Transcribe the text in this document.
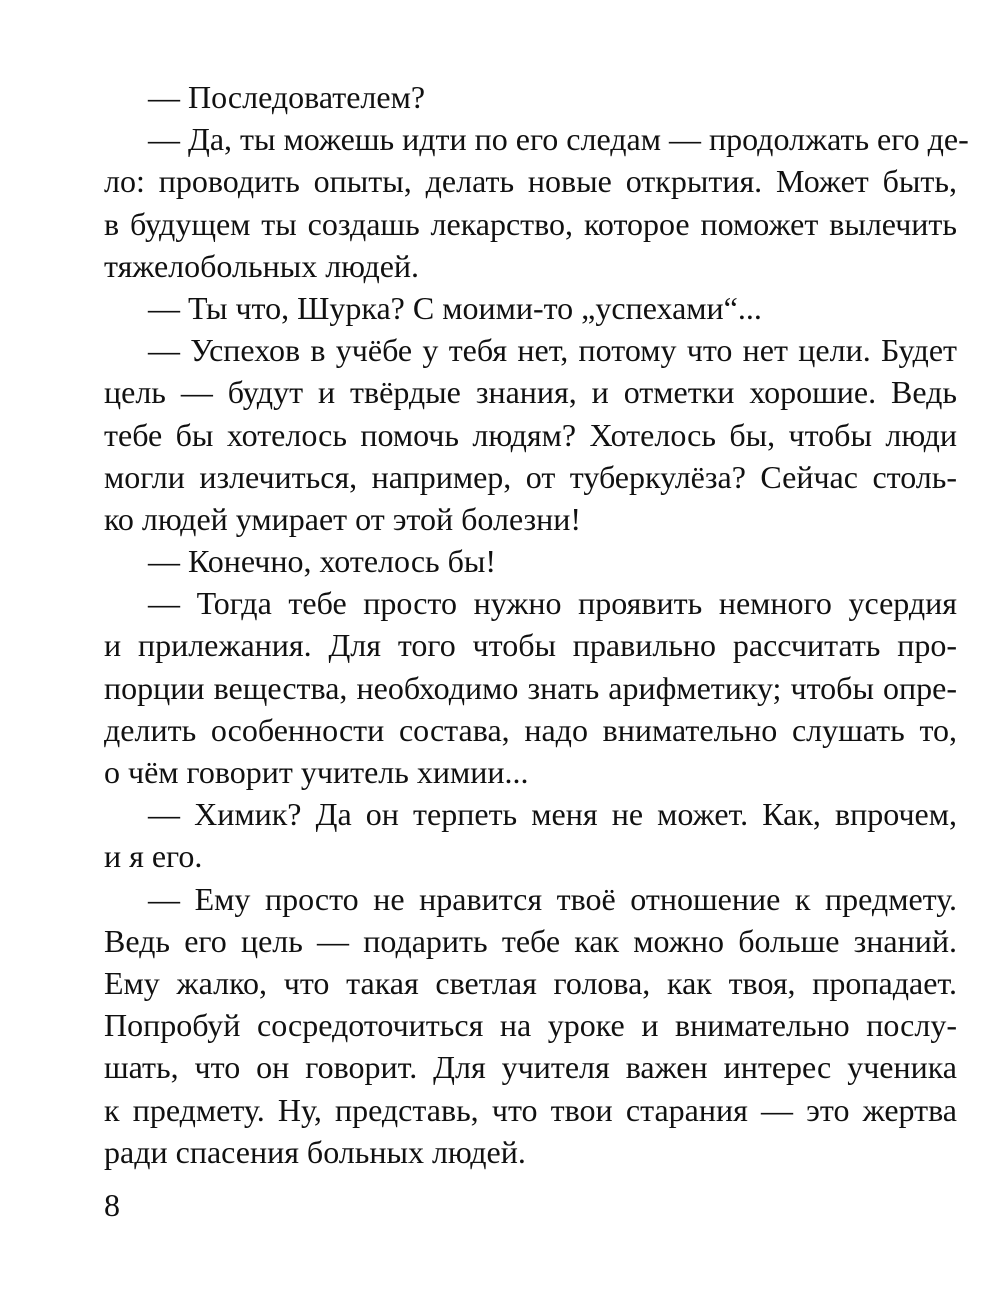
— Последователем?
— Да, ты можешь идти по его следам — продолжать его де-
ло: проводить опыты, делать новые открытия. Может быть,
в будущем ты создашь лекарство, которое поможет вылечить
тяжелобольных людей.
— Ты что, Шурка? С моими-то „успехами“...
— Успехов в учёбе у тебя нет, потому что нет цели. Будет
цель — будут и твёрдые знания, и отметки хорошие. Ведь
тебе бы хотелось помочь людям? Хотелось бы, чтобы люди
могли излечиться, например, от туберкулёза? Сейчас столь-
ко людей умирает от этой болезни!
— Конечно, хотелось бы!
— Тогда тебе просто нужно проявить немного усердия
и прилежания. Для того чтобы правильно рассчитать про-
порции вещества, необходимо знать арифметику; чтобы опре-
делить особенности состава, надо внимательно слушать то,
о чём говорит учитель химии...
— Химик? Да он терпеть меня не может. Как, впрочем,
и я его.
— Ему просто не нравится твоё отношение к предмету.
Ведь его цель — подарить тебе как можно больше знаний.
Ему жалко, что такая светлая голова, как твоя, пропадает.
Попробуй сосредоточиться на уроке и внимательно послу-
шать, что он говорит. Для учителя важен интерес ученика
к предмету. Ну, представь, что твои старания — это жертва
ради спасения больных людей.
8
